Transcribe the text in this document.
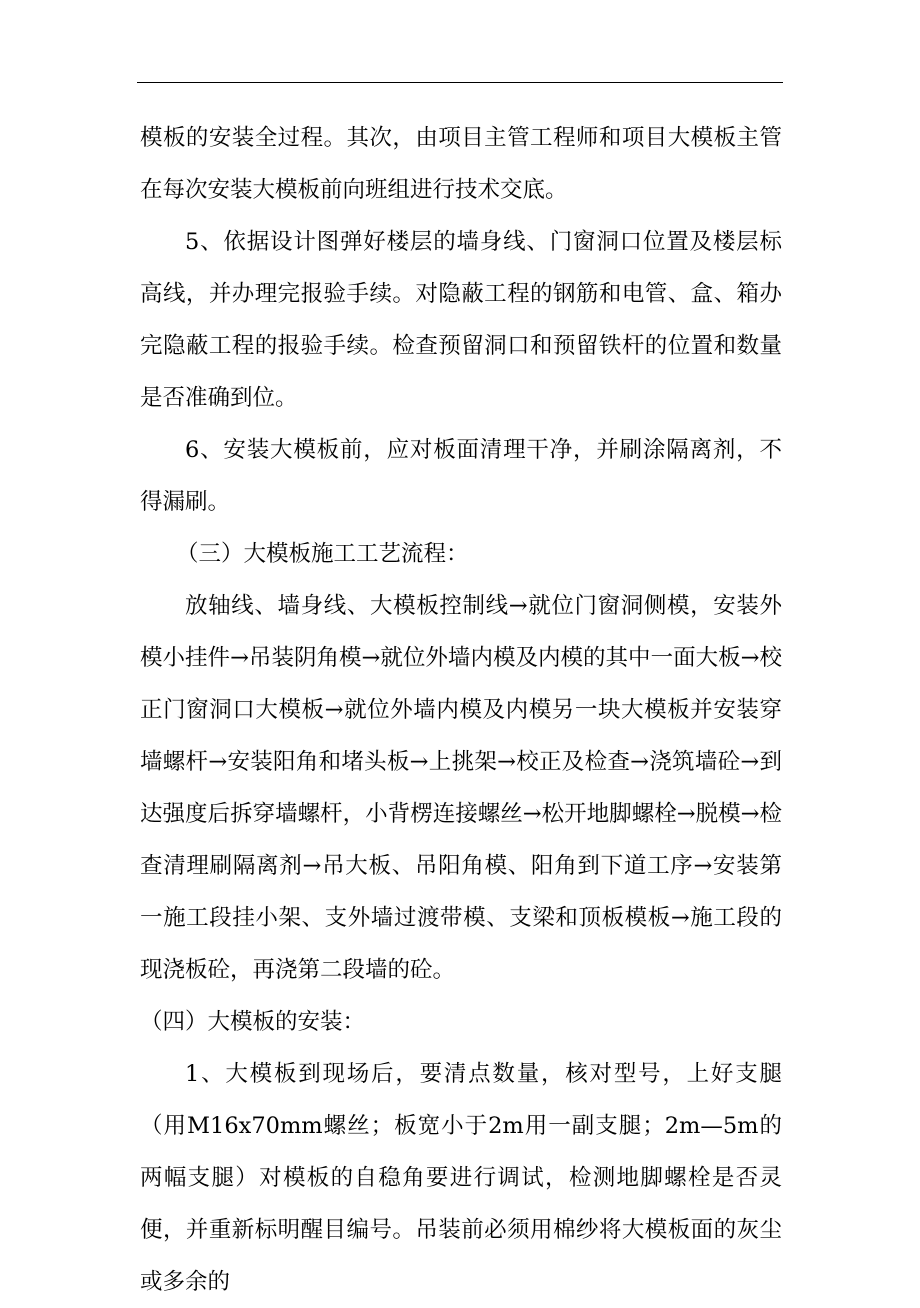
模板的安装全过程。其次，由项目主管工程师和项目大模板主管在每次安装大模板前向班组进行技术交底。

5、依据设计图弹好楼层的墙身线、门窗洞口位置及楼层标高线，并办理完报验手续。对隐蔽工程的钢筋和电管、盒、箱办完隐蔽工程的报验手续。检查预留洞口和预留铁杆的位置和数量是否准确到位。

6、安装大模板前，应对板面清理干净，并刷涂隔离剂，不得漏刷。

（三）大模板施工工艺流程：

放轴线、墙身线、大模板控制线→就位门窗洞侧模，安装外模小挂件→吊装阴角模→就位外墙内模及内模的其中一面大板→校正门窗洞口大模板→就位外墙内模及内模另一块大模板并安装穿墙螺杆→安装阳角和堵头板→上挑架→校正及检查→浇筑墙砼→到达强度后拆穿墙螺杆，小背楞连接螺丝→松开地脚螺栓→脱模→检查清理刷隔离剂→吊大板、吊阳角模、阳角到下道工序→安装第一施工段挂小架、支外墙过渡带模、支梁和顶板模板→施工段的现浇板砼，再浇第二段墙的砼。

（四）大模板的安装：

1、大模板到现场后，要清点数量，核对型号，上好支腿（用M16x70mm螺丝；板宽小于2m用一副支腿；2m—5m的两幅支腿）对模板的自稳角要进行调试，检测地脚螺栓是否灵便，并重新标明醒目编号。吊装前必须用棉纱将大模板面的灰尘或多余的
